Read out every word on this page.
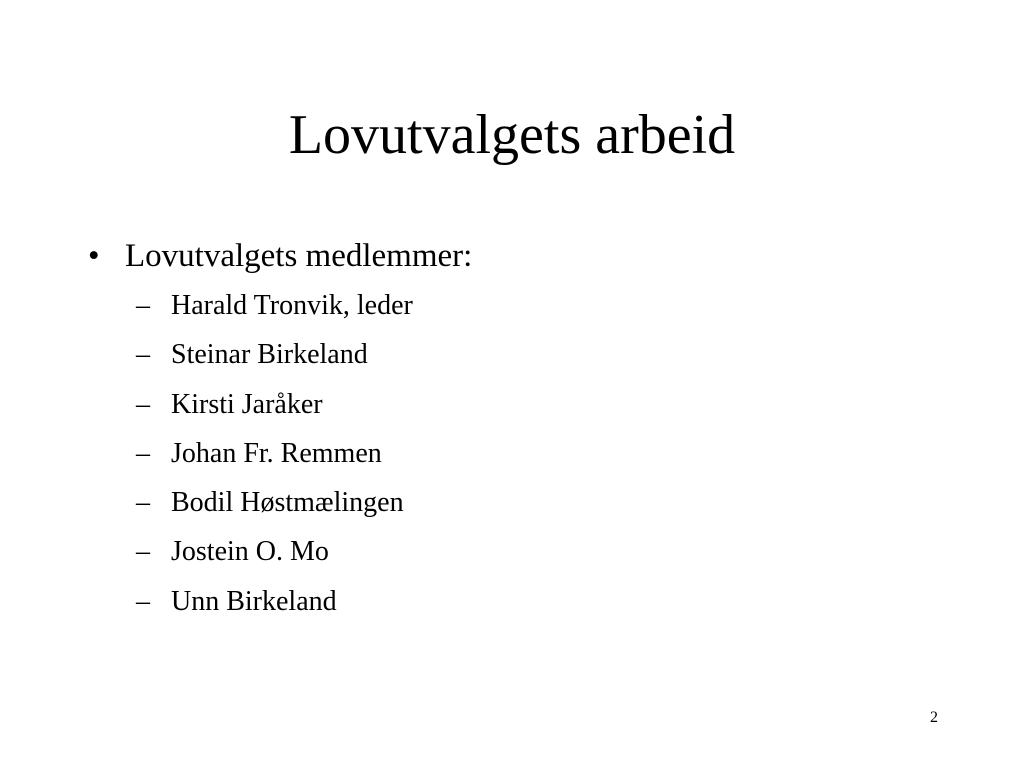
Lovutvalgets arbeid
• Lovutvalgets medlemmer:
– Harald Tronvik, leder
– Steinar Birkeland
– Kirsti Jaråker
– Johan Fr. Remmen
– Bodil Høstmælingen
– Jostein O. Mo
– Unn Birkeland
2
